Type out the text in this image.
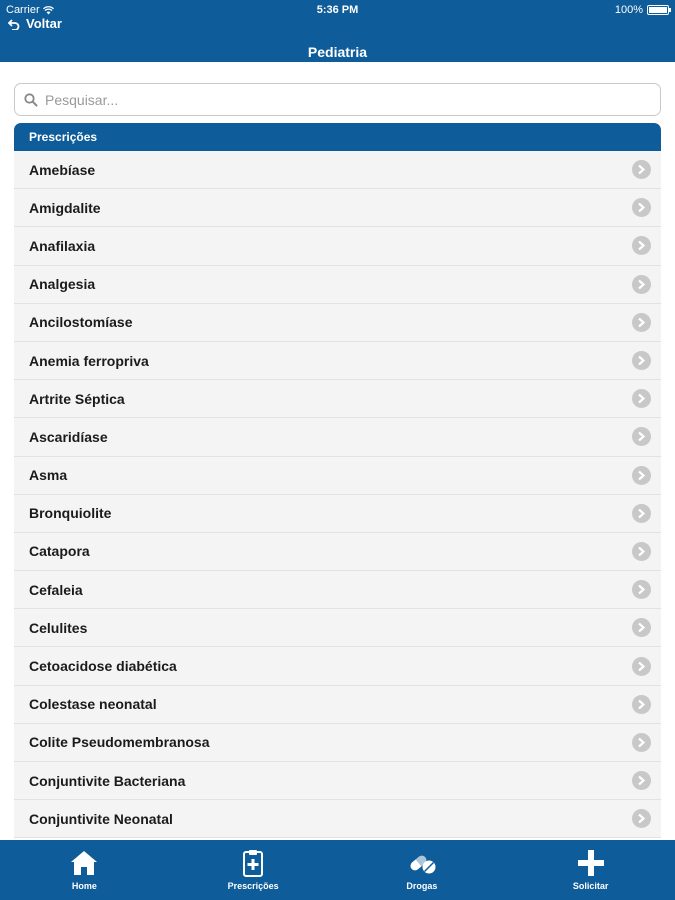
Carrier	5:36 PM	100%
Voltar
Pediatria
Pesquisar...
Prescrições
Amebíase
Amigdalite
Anafilaxia
Analgesia
Ancilostomíase
Anemia ferropriva
Artrite Séptica
Ascaridíase
Asma
Bronquiolite
Catapora
Cefaleia
Celulites
Cetoacidose diabética
Colestase neonatal
Colite Pseudomembranosa
Conjuntivite Bacteriana
Conjuntivite Neonatal
Home	Prescrições	Drogas	Solicitar
